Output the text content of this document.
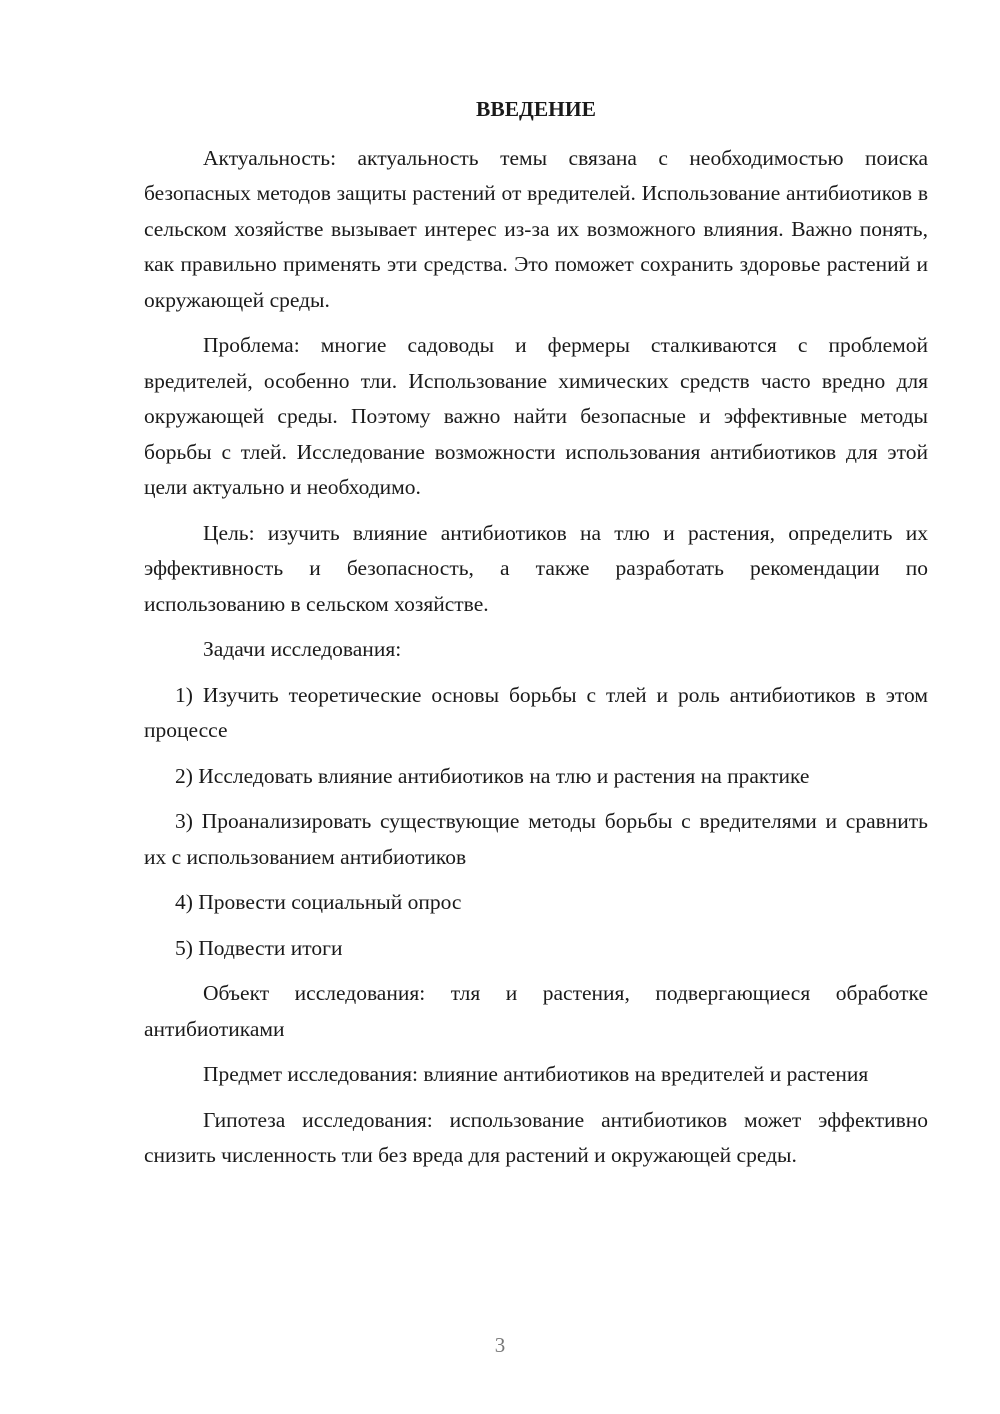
ВВЕДЕНИЕ

Актуальность: актуальность темы связана с необходимостью поиска безопасных методов защиты растений от вредителей. Использование антибиотиков в сельском хозяйстве вызывает интерес из-за их возможного влияния. Важно понять, как правильно применять эти средства. Это поможет сохранить здоровье растений и окружающей среды.

Проблема: многие садоводы и фермеры сталкиваются с проблемой вредителей, особенно тли. Использование химических средств часто вредно для окружающей среды. Поэтому важно найти безопасные и эффективные методы борьбы с тлей. Исследование возможности использования антибиотиков для этой цели актуально и необходимо.

Цель: изучить влияние антибиотиков на тлю и растения, определить их эффективность и безопасность, а также разработать рекомендации по использованию в сельском хозяйстве.

Задачи исследования:

1) Изучить теоретические основы борьбы с тлей и роль антибиотиков в этом процессе

2) Исследовать влияние антибиотиков на тлю и растения на практике

3) Проанализировать существующие методы борьбы с вредителями и сравнить их с использованием антибиотиков

4) Провести социальный опрос

5) Подвести итоги

Объект исследования: тля и растения, подвергающиеся обработке антибиотиками

Предмет исследования: влияние антибиотиков на вредителей и растения

Гипотеза исследования: использование антибиотиков может эффективно снизить численность тли без вреда для растений и окружающей среды.

3
